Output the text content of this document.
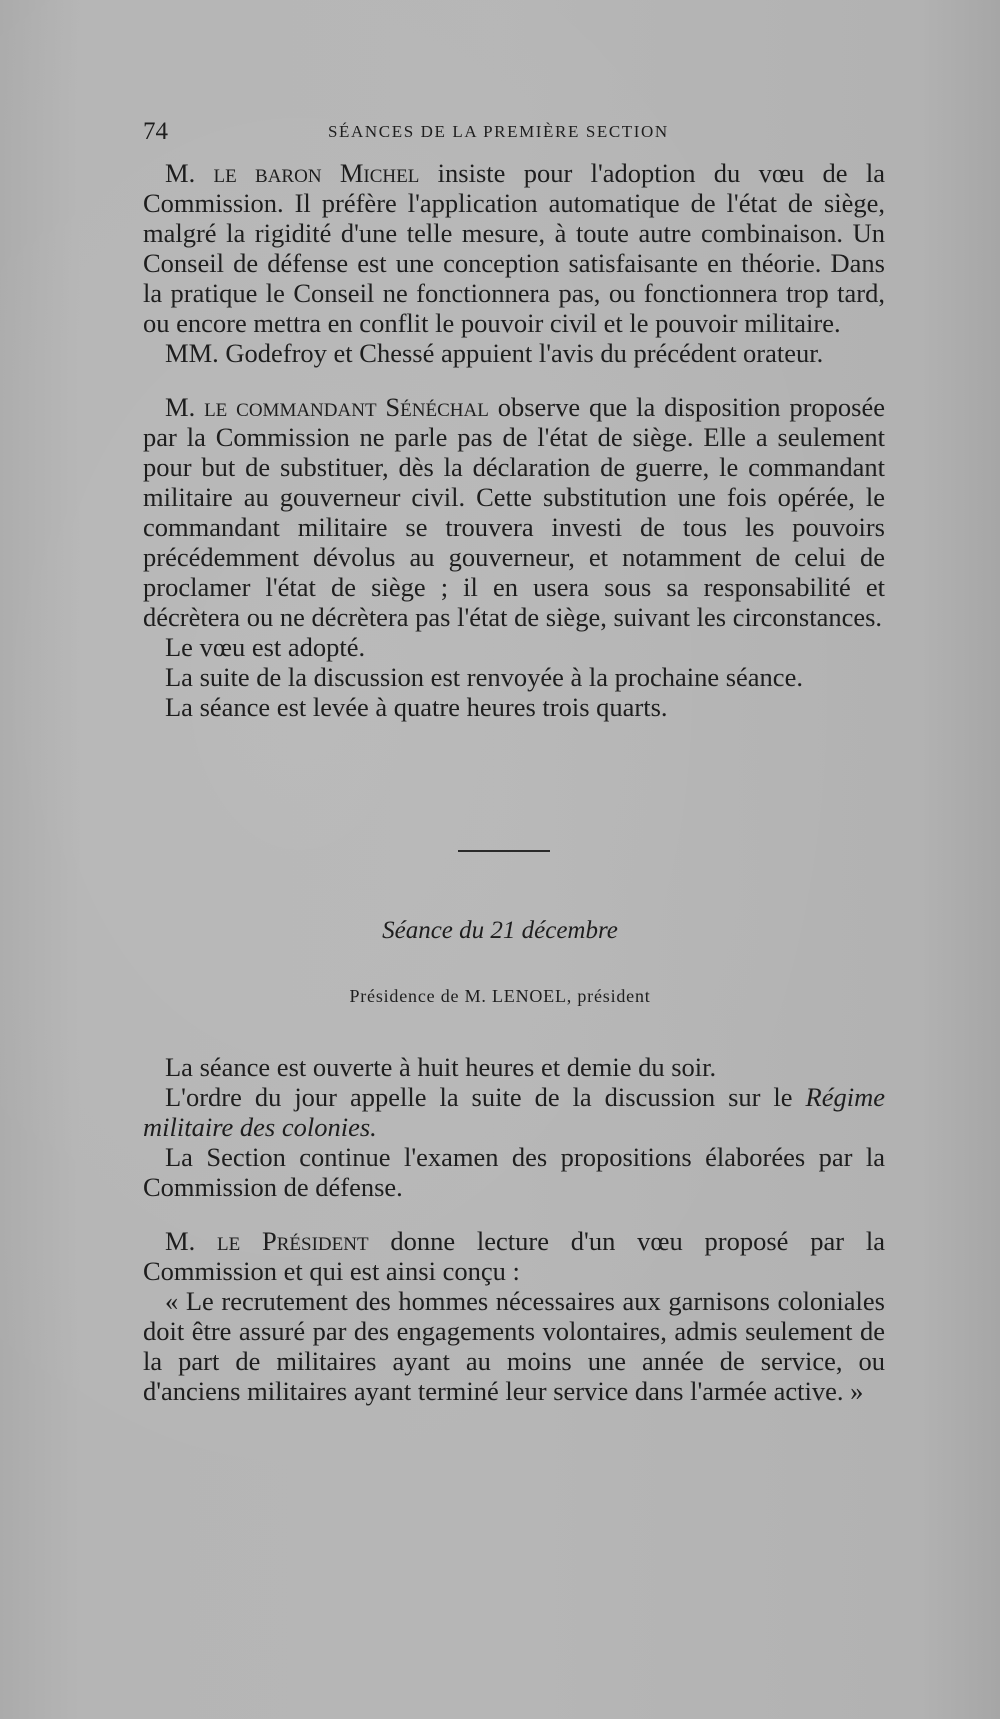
74	SÉANCES DE LA PREMIÈRE SECTION

M. le baron Michel insiste pour l'adoption du vœu de la Commission. Il préfère l'application automatique de l'état de siège, malgré la rigidité d'une telle mesure, à toute autre combinaison. Un Conseil de défense est une conception satisfaisante en théorie. Dans la pratique le Conseil ne fonctionnera pas, ou fonctionnera trop tard, ou encore mettra en conflit le pouvoir civil et le pouvoir militaire.

MM. Godefroy et Chessé appuient l'avis du précédent orateur.

M. le commandant Sénéchal observe que la disposition proposée par la Commission ne parle pas de l'état de siège. Elle a seulement pour but de substituer, dès la déclaration de guerre, le commandant militaire au gouverneur civil. Cette substitution une fois opérée, le commandant militaire se trouvera investi de tous les pouvoirs précédemment dévolus au gouverneur, et notamment de celui de proclamer l'état de siège ; il en usera sous sa responsabilité et décrètera ou ne décrètera pas l'état de siège, suivant les circonstances.

Le vœu est adopté.

La suite de la discussion est renvoyée à la prochaine séance.

La séance est levée à quatre heures trois quarts.

Séance du 21 décembre
Présidence de M. LENOEL, président

La séance est ouverte à huit heures et demie du soir.

L'ordre du jour appelle la suite de la discussion sur le Régime militaire des colonies.

La Section continue l'examen des propositions élaborées par la Commission de défense.

M. le Président donne lecture d'un vœu proposé par la Commission et qui est ainsi conçu :

« Le recrutement des hommes nécessaires aux garnisons coloniales doit être assuré par des engagements volontaires, admis seulement de la part de militaires ayant au moins une année de service, ou d'anciens militaires ayant terminé leur service dans l'armée active. »
